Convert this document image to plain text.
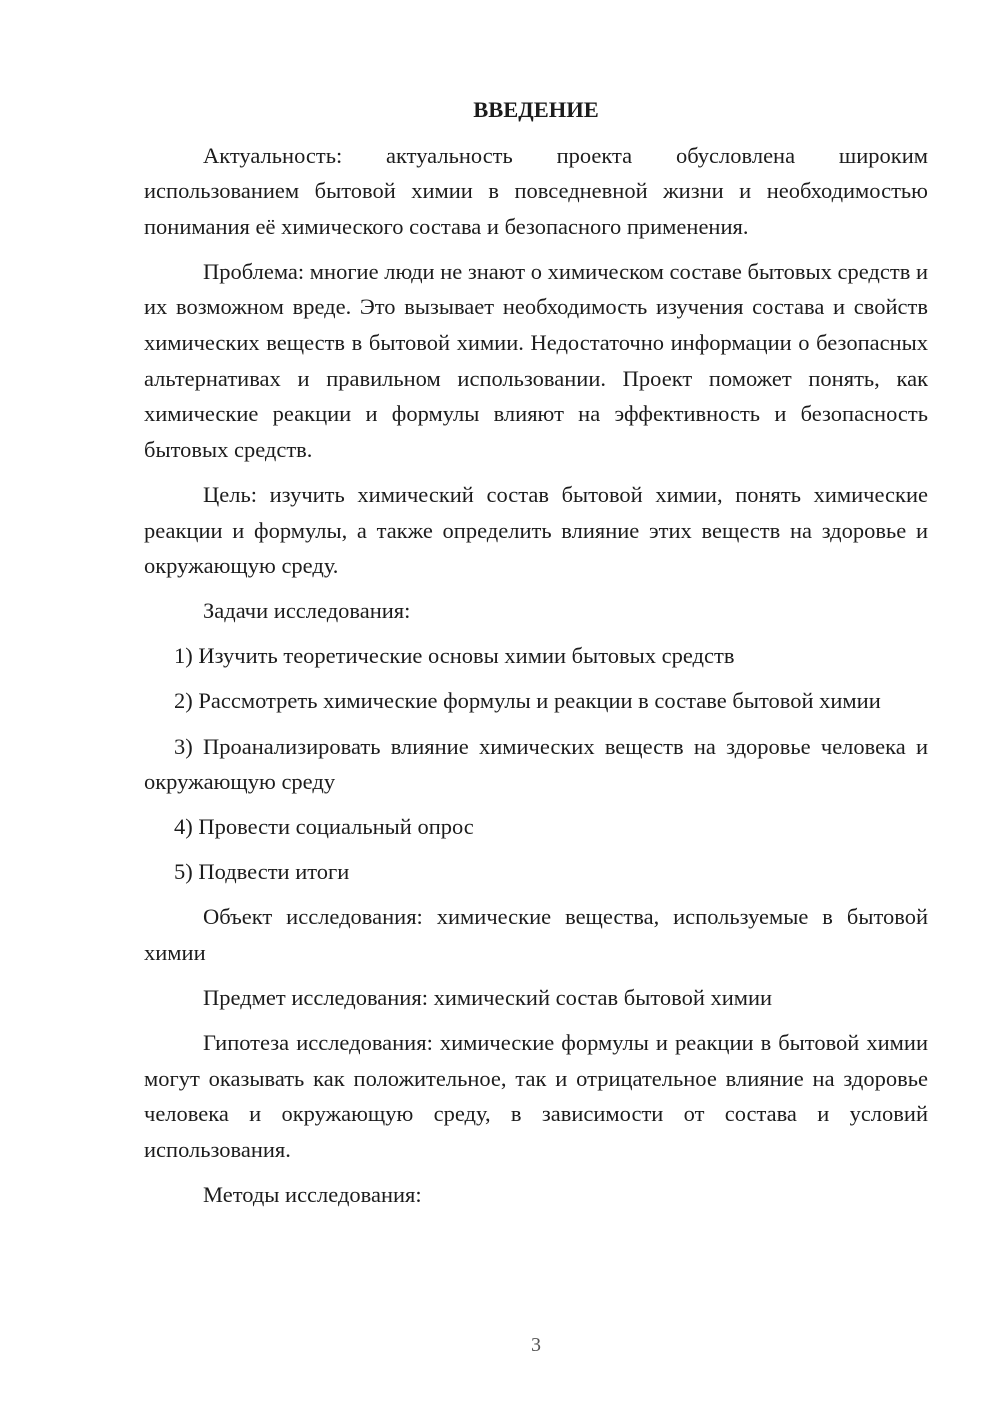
ВВЕДЕНИЕ

Актуальность: актуальность проекта обусловлена широким использованием бытовой химии в повседневной жизни и необходимостью понимания её химического состава и безопасного применения.

Проблема: многие люди не знают о химическом составе бытовых средств и их возможном вреде. Это вызывает необходимость изучения состава и свойств химических веществ в бытовой химии. Недостаточно информации о безопасных альтернативах и правильном использовании. Проект поможет понять, как химические реакции и формулы влияют на эффективность и безопасность бытовых средств.

Цель: изучить химический состав бытовой химии, понять химические реакции и формулы, а также определить влияние этих веществ на здоровье и окружающую среду.

Задачи исследования:

1) Изучить теоретические основы химии бытовых средств

2) Рассмотреть химические формулы и реакции в составе бытовой химии

3) Проанализировать влияние химических веществ на здоровье человека и окружающую среду

4) Провести социальный опрос

5) Подвести итоги

Объект исследования: химические вещества, используемые в бытовой химии

Предмет исследования: химический состав бытовой химии

Гипотеза исследования: химические формулы и реакции в бытовой химии могут оказывать как положительное, так и отрицательное влияние на здоровье человека и окружающую среду, в зависимости от состава и условий использования.

Методы исследования:

3
